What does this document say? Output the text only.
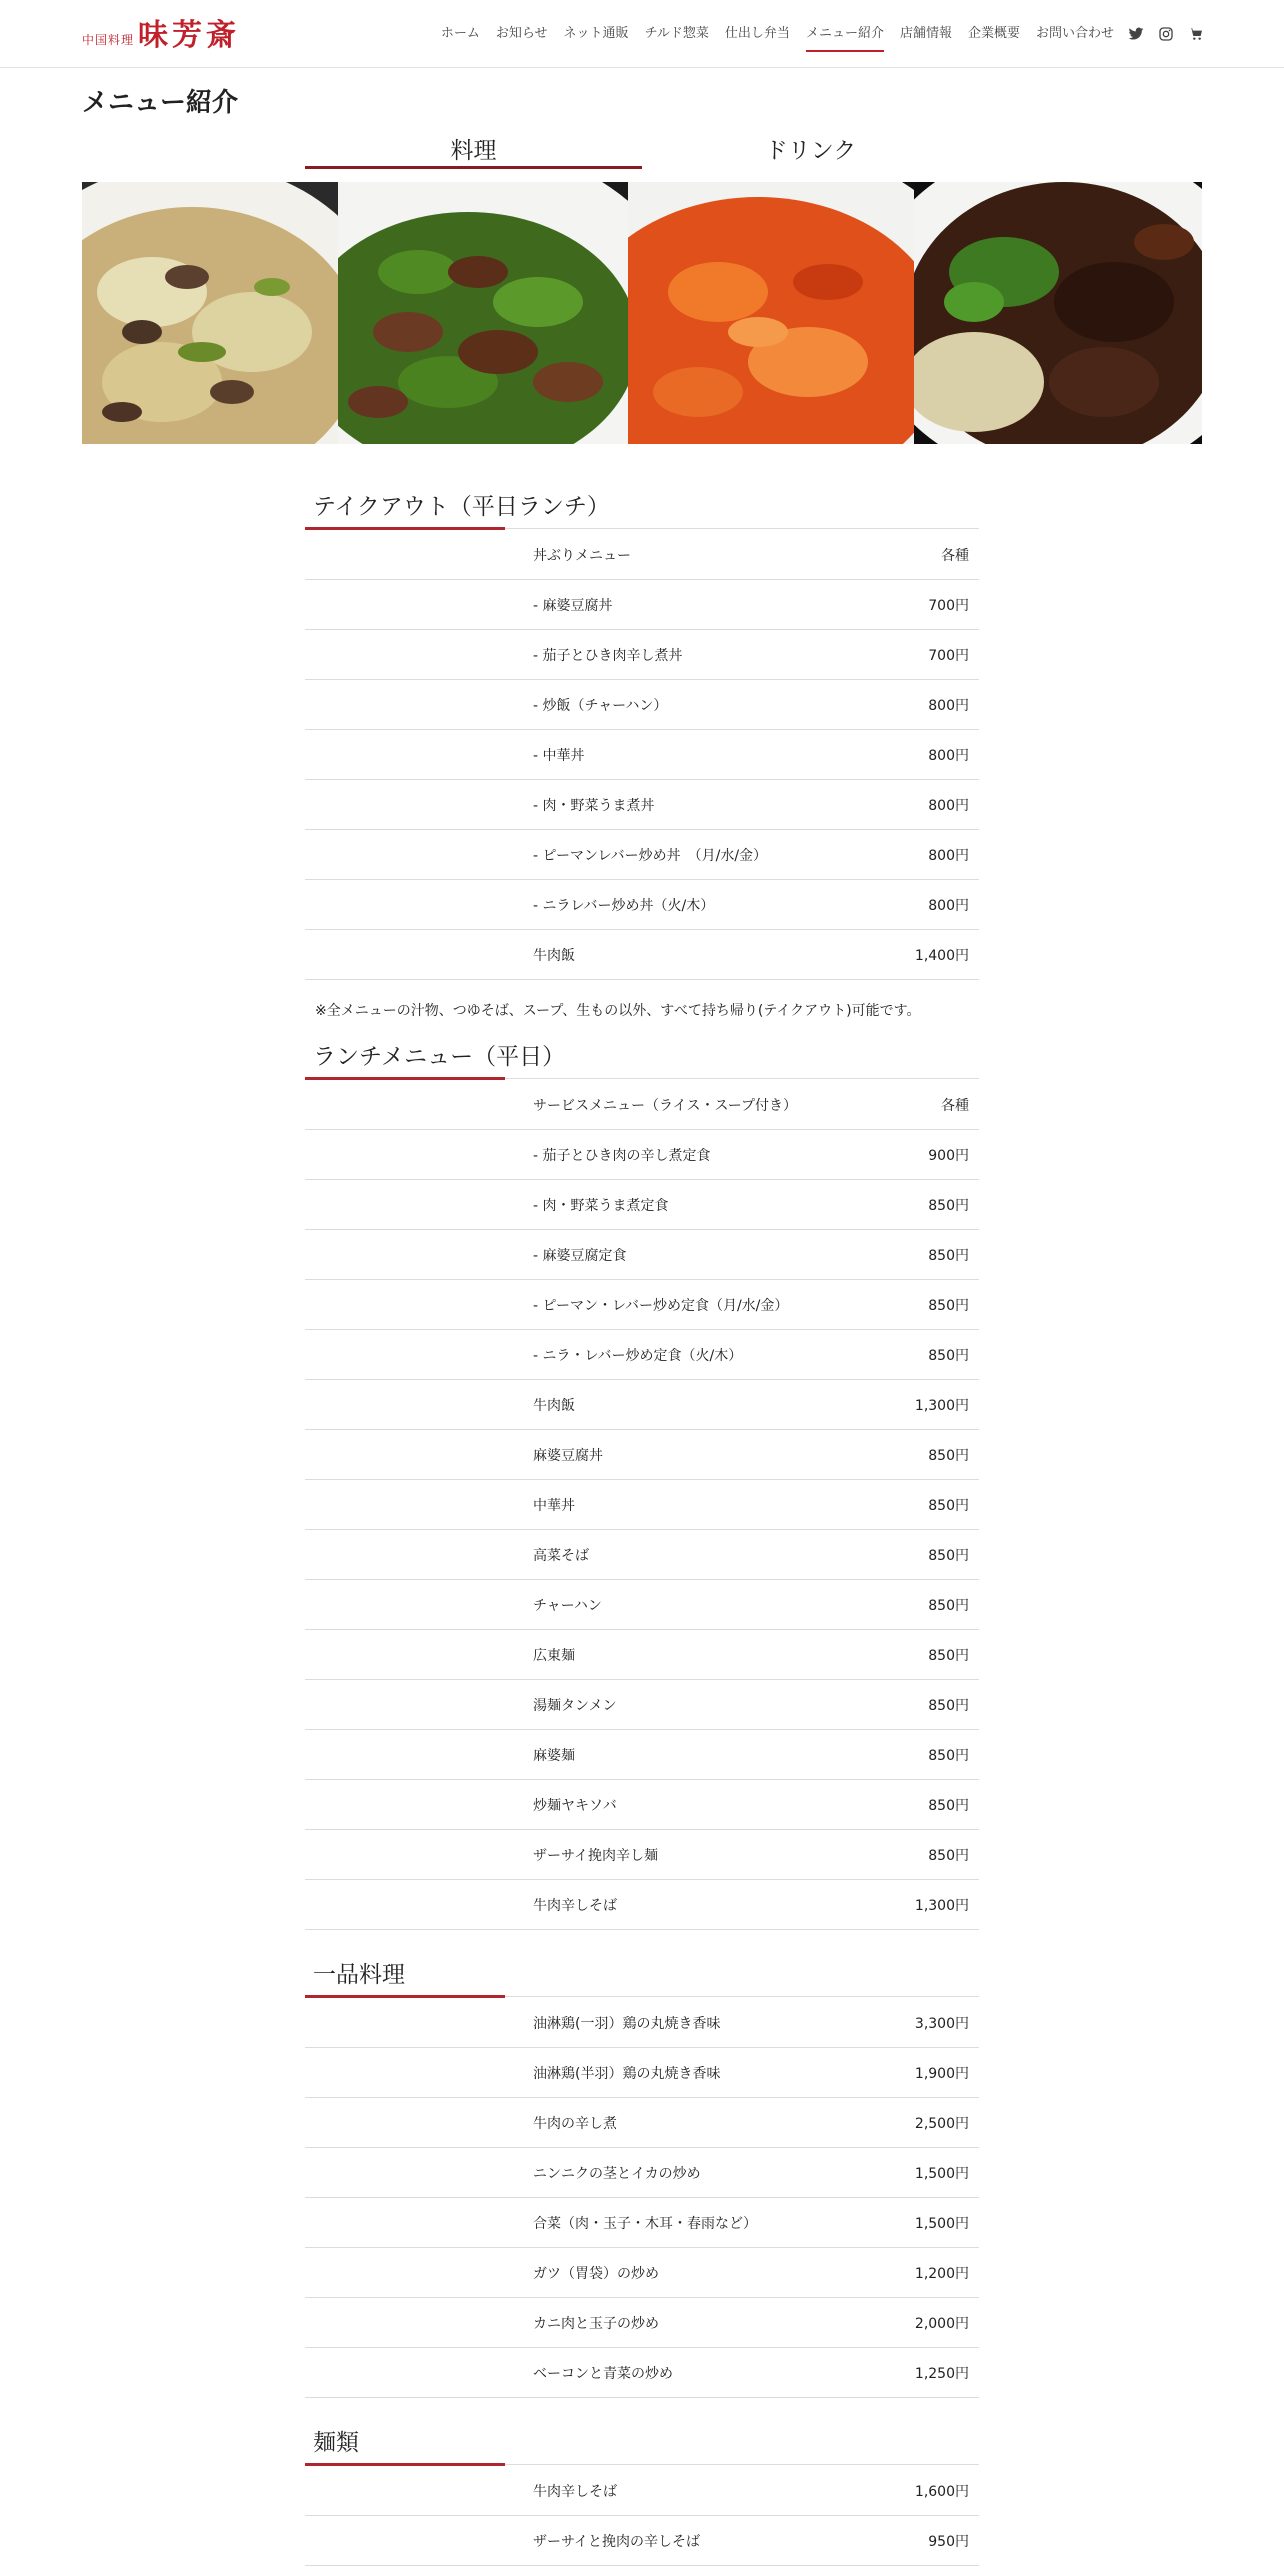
中国料理 味芳斎	ホーム お知らせ ネット通販 チルド惣菜 仕出し弁当 メニュー紹介 店舗情報 企業概要 お問い合わせ
メニュー紹介
料理	ドリンク
テイクアウト（平日ランチ）
丼ぶりメニュー	各種
- 麻婆豆腐丼	700円
- 茄子とひき肉辛し煮丼	700円
- 炒飯（チャーハン）	800円
- 中華丼	800円
- 肉・野菜うま煮丼	800円
- ピーマンレバー炒め丼　（月/水/金）	800円
- ニラレバー炒め丼（火/木）	800円
牛肉飯	1,400円
※全メニューの汁物、つゆそば、スープ、生もの以外、すべて持ち帰り(テイクアウト)可能です。
ランチメニュー（平日）
サービスメニュー（ライス・スープ付き）	各種
- 茄子とひき肉の辛し煮定食	900円
- 肉・野菜うま煮定食	850円
- 麻婆豆腐定食	850円
- ピーマン・レバー炒め定食（月/水/金）	850円
- ニラ・レバー炒め定食（火/木）	850円
牛肉飯	1,300円
麻婆豆腐丼	850円
中華丼	850円
高菜そば	850円
チャーハン	850円
広東麺	850円
湯麺タンメン	850円
麻婆麺	850円
炒麺ヤキソバ	850円
ザーサイ挽肉辛し麺	850円
牛肉辛しそば	1,300円
一品料理
油淋鶏(一羽）鶏の丸焼き香味	3,300円
油淋鶏(半羽）鶏の丸焼き香味	1,900円
牛肉の辛し煮	2,500円
ニンニクの茎とイカの炒め	1,500円
合菜（肉・玉子・木耳・春雨など）	1,500円
ガツ（胃袋）の炒め	1,200円
カニ肉と玉子の炒め	2,000円
ベーコンと青菜の炒め	1,250円
麺類
牛肉辛しそば	1,600円
ザーサイと挽肉の辛しそば	950円
